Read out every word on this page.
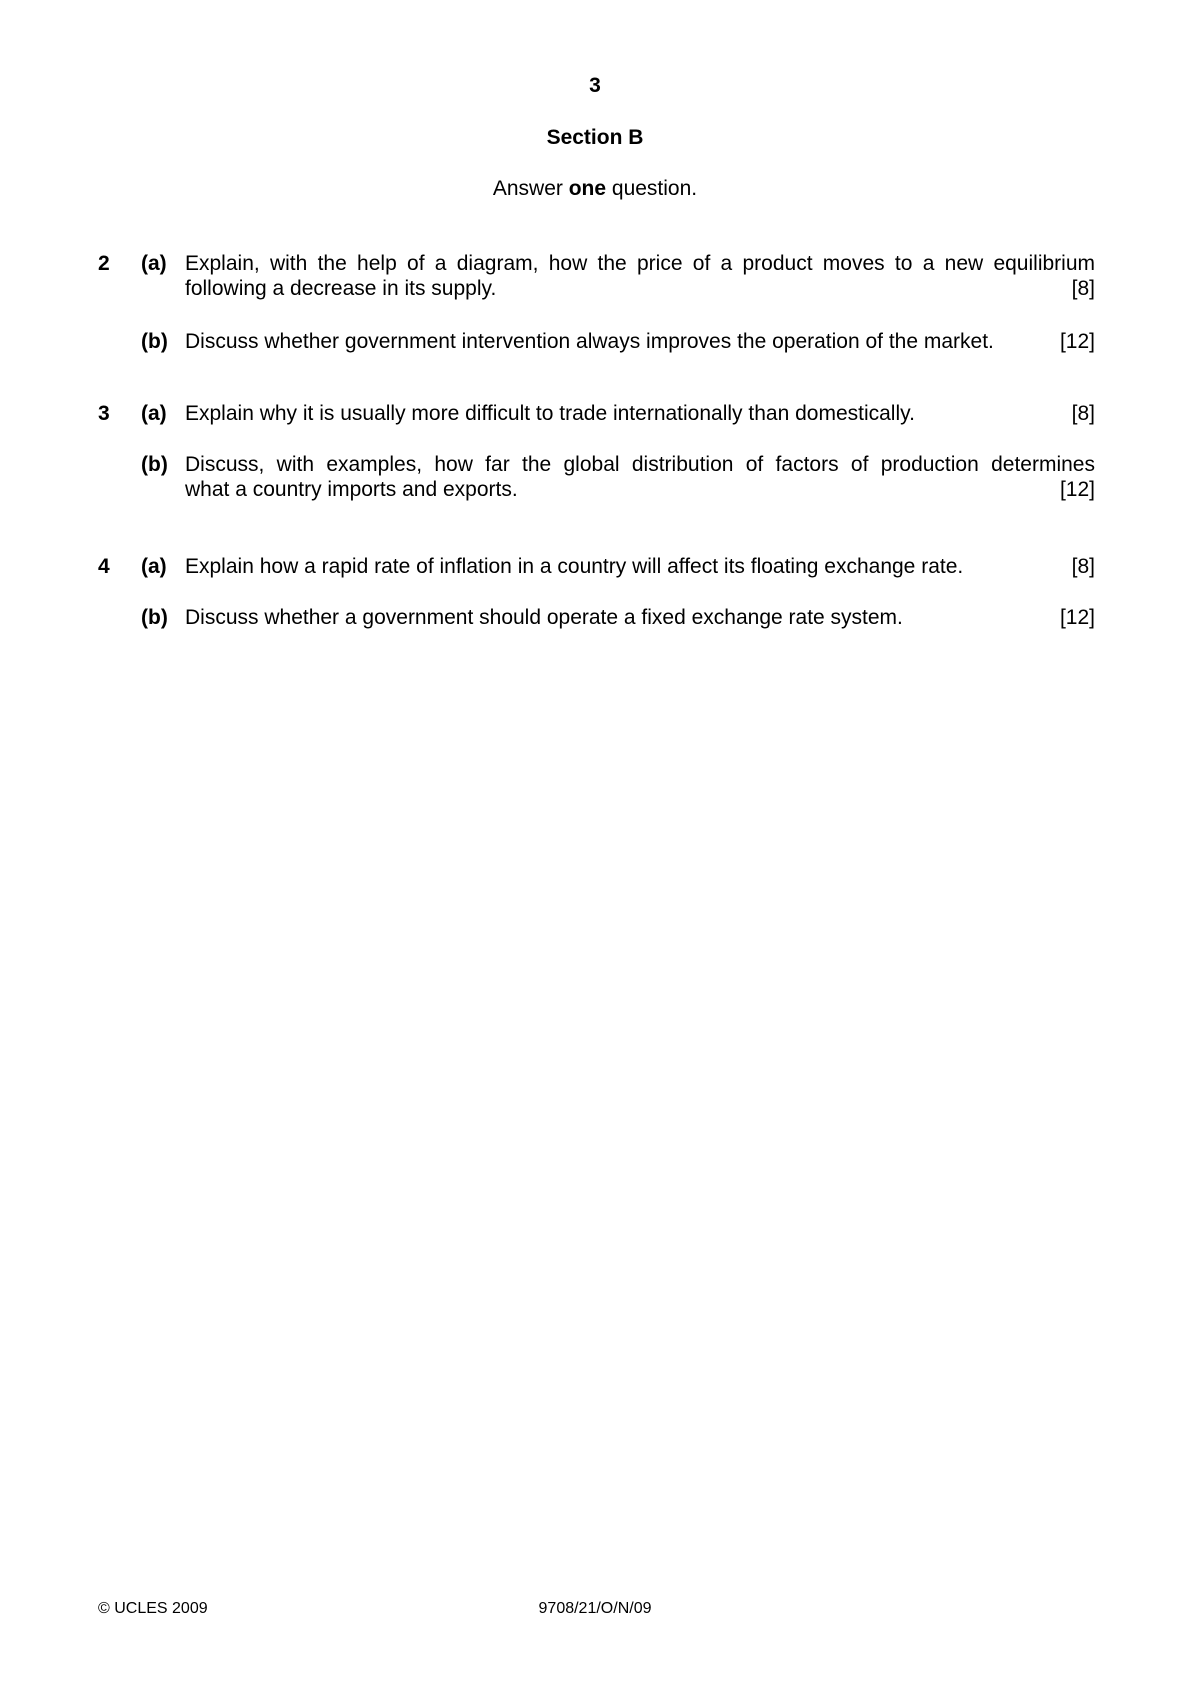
3
Section B
Answer one question.
2 (a) Explain, with the help of a diagram, how the price of a product moves to a new equilibrium
following a decrease in its supply.	[8]
(b) Discuss whether government intervention always improves the operation of the market.	[12]
3 (a) Explain why it is usually more difficult to trade internationally than domestically.	[8]
(b) Discuss, with examples, how far the global distribution of factors of production determines
what a country imports and exports.	[12]
4 (a) Explain how a rapid rate of inflation in a country will affect its floating exchange rate.	[8]
(b) Discuss whether a government should operate a fixed exchange rate system.	[12]
© UCLES 2009	9708/21/O/N/09
